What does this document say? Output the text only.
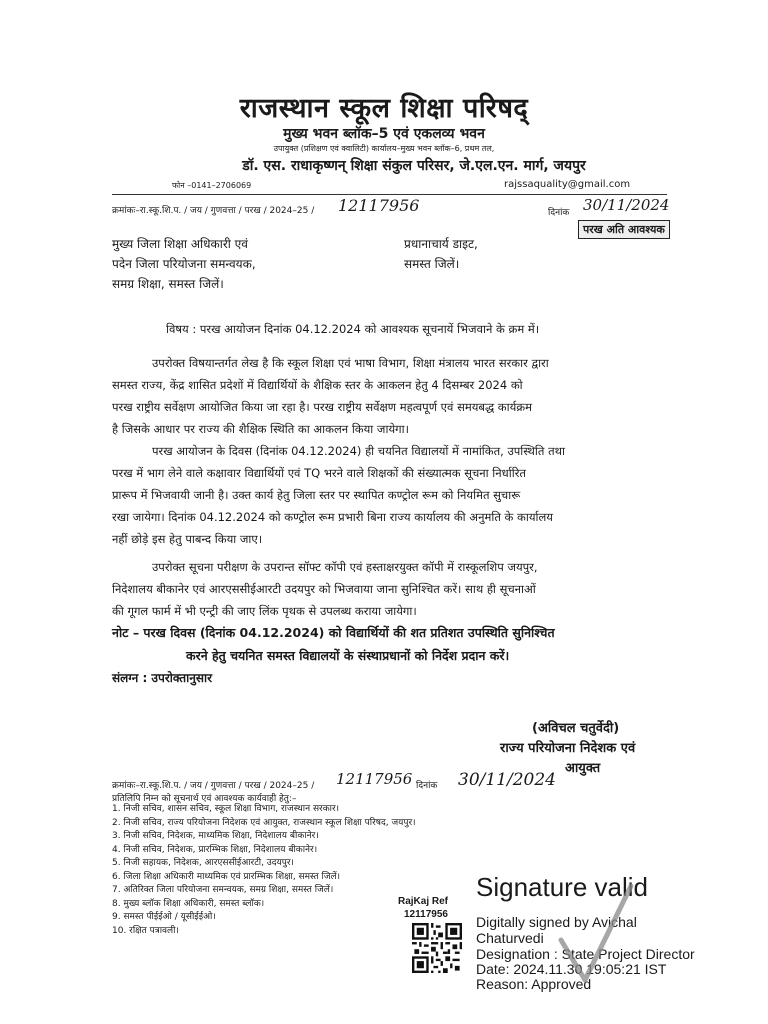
राजस्थान स्कूल शिक्षा परिषद्
मुख्य भवन ब्लॉक–5 एवं एकलव्य भवन
उपायुक्त (प्रशिक्षण एवं क्वालिटी) कार्यालय–मुख्य भवन ब्लॉक–6, प्रथम तल,
डॉ. एस. राधाकृष्णन् शिक्षा संकुल परिसर, जे.एल.एन. मार्ग, जयपुर
फोन –0141–2706069	rajssaquality@gmail.com
क्रमांकः–रा.स्कू.शि.प. / जय / गुणवत्ता / परख / 2024–25 / 12117956	दिनांक 30/11/2024
परख अति आवश्यक
मुख्य जिला शिक्षा अधिकारी एवं
पदेन जिला परियोजना समन्वयक,
समग्र शिक्षा, समस्त जिलें।
प्रधानाचार्य डाइट,
समस्त जिलें।
विषय : परख आयोजन दिनांक 04.12.2024 को आवश्यक सूचनायें भिजवाने के क्रम में।
उपरोक्त विषयान्तर्गत लेख है कि स्कूल शिक्षा एवं भाषा विभाग, शिक्षा मंत्रालय भारत सरकार द्वारा
समस्त राज्य, केंद्र शासित प्रदेशों में विद्यार्थियों के शैक्षिक स्तर के आकलन हेतु 4 दिसम्बर 2024 को
परख राष्ट्रीय सर्वेक्षण आयोजित किया जा रहा है। परख राष्ट्रीय सर्वेक्षण महत्वपूर्ण एवं समयबद्ध कार्यक्रम
है जिसके आधार पर राज्य की शैक्षिक स्थिति का आकलन किया जायेगा।
परख आयोजन के दिवस (दिनांक 04.12.2024) ही चयनित विद्यालयों में नामांकित, उपस्थिति तथा
परख में भाग लेने वाले कक्षावार विद्यार्थियों एवं TQ भरने वाले शिक्षकों की संख्यात्मक सूचना निर्धारित
प्रारूप में भिजवायी जानी है। उक्त कार्य हेतु जिला स्तर पर स्थापित कण्ट्रोल रूम को नियमित सुचारू
रखा जायेगा। दिनांक 04.12.2024 को कण्ट्रोल रूम प्रभारी बिना राज्य कार्यालय की अनुमति के कार्यालय
नहीं छोड़े इस हेतु पाबन्द किया जाए।
उपरोक्त सूचना परीक्षण के उपरान्त सॉफ्ट कॉपी एवं हस्ताक्षरयुक्त कॉपी में रास्कूलशिप जयपुर,
निदेशालय बीकानेर एवं आरएससीईआरटी उदयपुर को भिजवाया जाना सुनिश्चित करें। साथ ही सूचनाओं
की गूगल फार्म में भी एन्ट्री की जाए लिंक पृथक से उपलब्ध कराया जायेगा।
नोट – परख दिवस (दिनांक 04.12.2024) को विद्यार्थियों की शत प्रतिशत उपस्थिति सुनिश्चित
करने हेतु चयनित समस्त विद्यालयों के संस्थाप्रधानों को निर्देश प्रदान करें।
संलग्न : उपरोक्तानुसार
(अविचल चतुर्वेदी)
राज्य परियोजना निदेशक एवं
आयुक्त
क्रमांकः–रा.स्कू.शि.प. / जय / गुणवत्ता / परख / 2024–25 / 12117956 दिनांक 30/11/2024
प्रतिलिपि निम्न को सूचनार्थ एवं आवश्यक कार्यवाही हेतु:–
1. निजी सचिव, शासन सचिव, स्कूल शिक्षा विभाग, राजस्थान सरकार।
2. निजी सचिव, राज्य परियोजना निदेशक एवं आयुक्त, राजस्थान स्कूल शिक्षा परिषद, जयपुर।
3. निजी सचिव, निदेशक, माध्यमिक शिक्षा, निदेशालय बीकानेर।
4. निजी सचिव, निदेशक, प्रारम्भिक शिक्षा, निदेशालय बीकानेर।
5. निजी सहायक, निदेशक, आरएससीईआरटी, उदयपुर।
6. जिला शिक्षा अधिकारी माध्यमिक एवं प्रारम्भिक शिक्षा, समस्त जिलें।
7. अतिरिक्त जिला परियोजना समन्वयक, समग्र शिक्षा, समस्त जिलें।
8. मुख्य ब्लॉक शिक्षा अधिकारी, समस्त ब्लॉक।
9. समस्त पीईईओ / यूसीईईओ।
10. रक्षित पत्रावली।
RajKaj Ref
12117956
Signature valid
Digitally signed by Avichal
Chaturvedi
Designation : State Project Director
Date: 2024.11.30 19:05:21 IST
Reason: Approved
